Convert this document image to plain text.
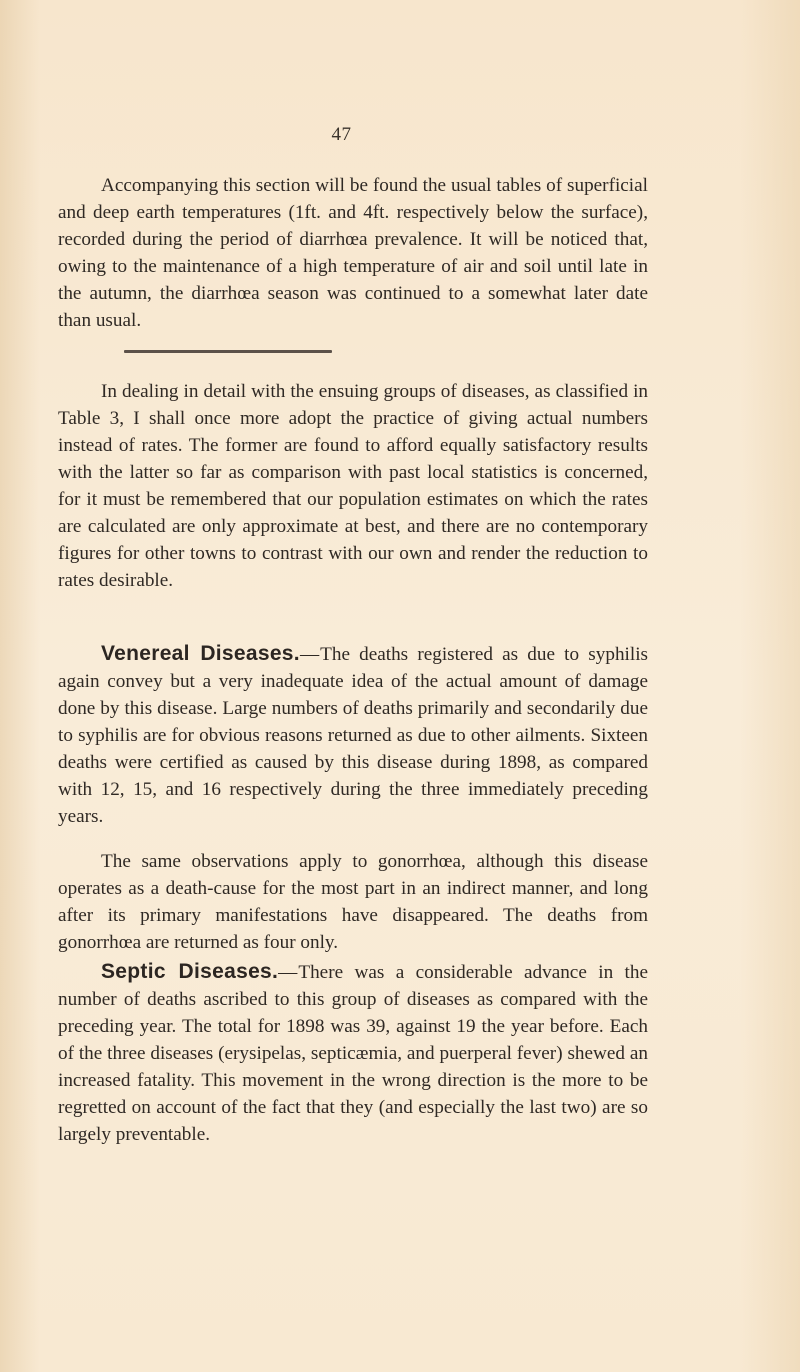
47

Accompanying this section will be found the usual tables of superficial and deep earth temperatures (1ft. and 4ft. respectively below the surface), recorded during the period of diarrhœa prevalence. It will be noticed that, owing to the maintenance of a high temperature of air and soil until late in the autumn, the diarrhœa season was continued to a somewhat later date than usual.

In dealing in detail with the ensuing groups of diseases, as classified in Table 3, I shall once more adopt the practice of giving actual numbers instead of rates. The former are found to afford equally satisfactory results with the latter so far as comparison with past local statistics is concerned, for it must be remembered that our population estimates on which the rates are calculated are only approximate at best, and there are no contemporary figures for other towns to contrast with our own and render the reduction to rates desirable.

Venereal Diseases.—The deaths registered as due to syphilis again convey but a very inadequate idea of the actual amount of damage done by this disease. Large numbers of deaths primarily and secondarily due to syphilis are for obvious reasons returned as due to other ailments. Sixteen deaths were certified as caused by this disease during 1898, as compared with 12, 15, and 16 respectively during the three immediately preceding years.

The same observations apply to gonorrhœa, although this disease operates as a death-cause for the most part in an indirect manner, and long after its primary manifestations have disappeared. The deaths from gonorrhœa are returned as four only.

Septic Diseases.—There was a considerable advance in the number of deaths ascribed to this group of diseases as compared with the preceding year. The total for 1898 was 39, against 19 the year before. Each of the three diseases (erysipelas, septicæmia, and puerperal fever) shewed an increased fatality. This movement in the wrong direction is the more to be regretted on account of the fact that they (and especially the last two) are so largely preventable.
